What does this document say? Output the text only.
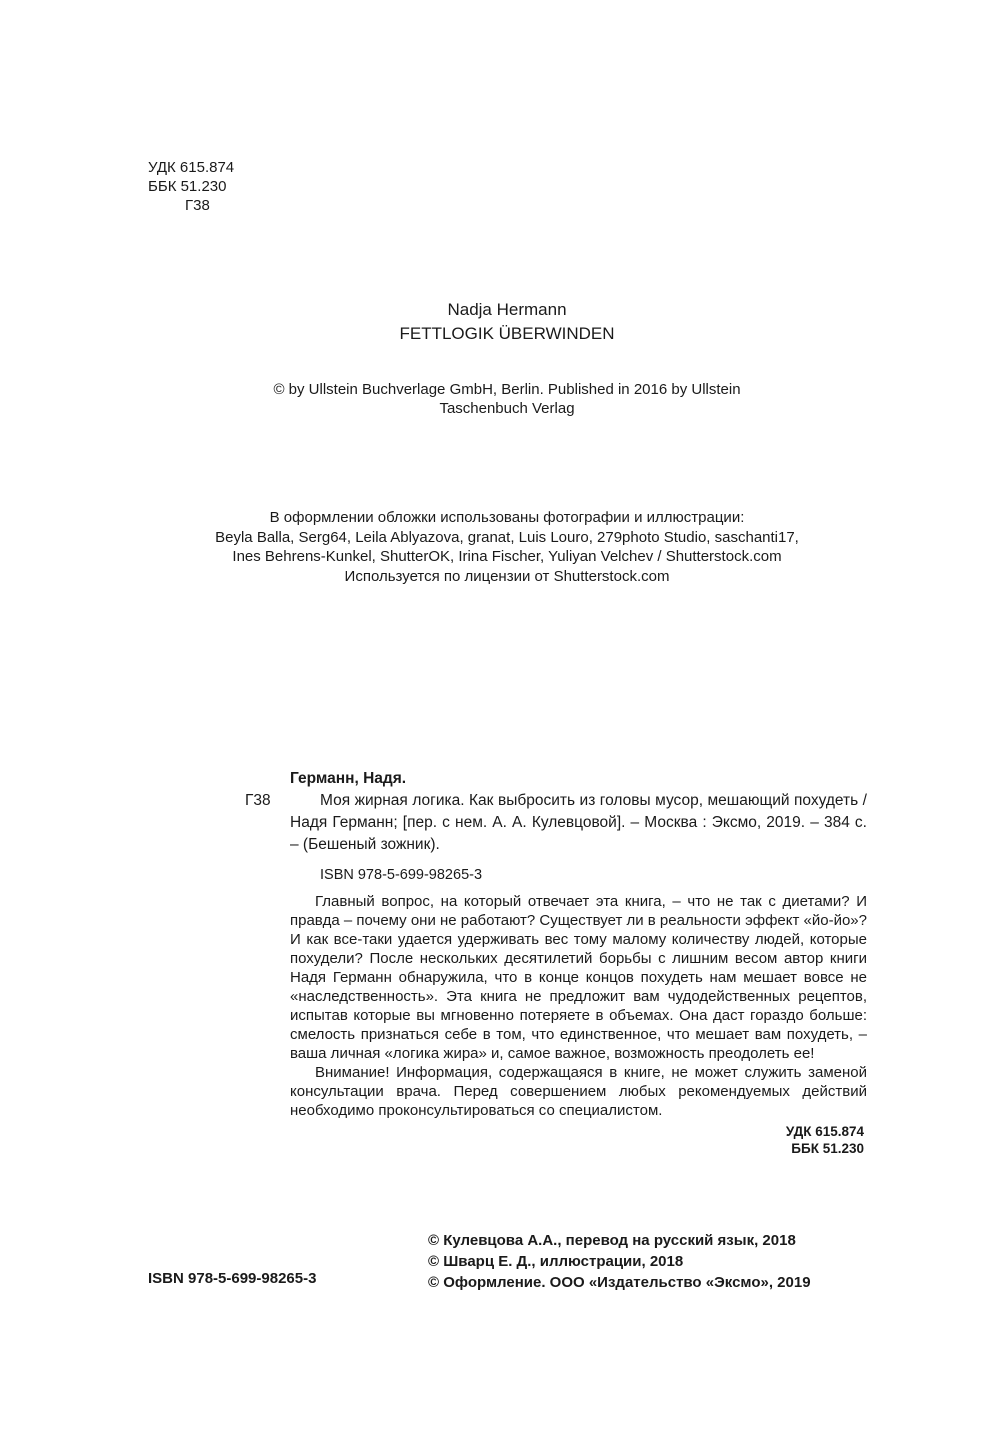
УДК 615.874
ББК 51.230
Г38
Nadja Hermann
FETTLOGIK ÜBERWINDEN
© by Ullstein Buchverlage GmbH, Berlin. Published in 2016 by Ullstein
Taschenbuch Verlag
В оформлении обложки использованы фотографии и иллюстрации:
Beyla Balla, Serg64, Leila Ablyazova, granat, Luis Louro, 279photo Studio, saschanti17,
Ines Behrens-Kunkel, ShutterOK, Irina Fischer, Yuliyan Velchev / Shutterstock.com
Используется по лицензии от Shutterstock.com
Германн, Надя.
Г38	Моя жирная логика. Как выбросить из головы мусор, мешающий похудеть / Надя Германн; [пер. с нем. А. А. Кулевцовой]. – Москва : Эксмо, 2019. – 384 с. – (Бешеный зожник).
ISBN 978-5-699-98265-3

Главный вопрос, на который отвечает эта книга, – что не так с диетами? И правда – почему они не работают? Существует ли в реальности эффект «йо-йо»? И как все-таки удается удерживать вес тому малому количеству людей, которые похудели? После нескольких десятилетий борьбы с лишним весом автор книги Надя Германн обнаружила, что в конце концов похудеть нам мешает вовсе не «наследственность». Эта книга не предложит вам чудодейственных рецептов, испытав которые вы мгновенно потеряете в объемах. Она даст гораздо больше: смелость признаться себе в том, что единственное, что мешает вам похудеть, – ваша личная «логика жира» и, самое важное, возможность преодолеть ее!

Внимание! Информация, содержащаяся в книге, не может служить заменой консультации врача. Перед совершением любых рекомендуемых действий необходимо проконсультироваться со специалистом.

УДК 615.874
ББК 51.230
ISBN 978-5-699-98265-3
© Кулевцова А.А., перевод на русский язык, 2018
© Шварц Е. Д., иллюстрации, 2018
© Оформление. ООО «Издательство «Эксмо», 2019
